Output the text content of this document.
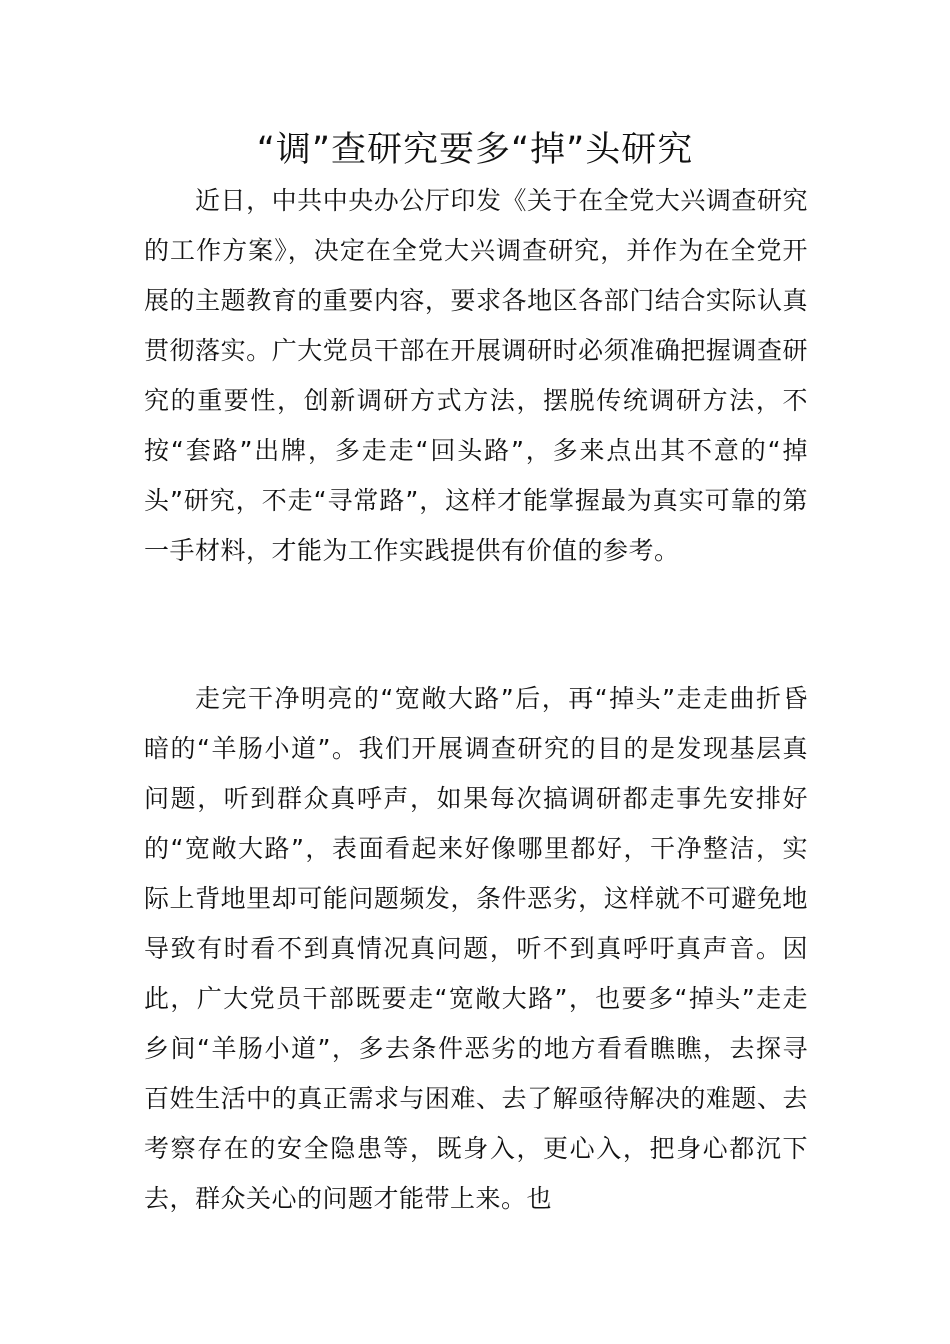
“调”查研究要多“掉”头研究

近日，中共中央办公厅印发《关于在全党大兴调查研究的工作方案》，决定在全党大兴调查研究，并作为在全党开展的主题教育的重要内容，要求各地区各部门结合实际认真贯彻落实。广大党员干部在开展调研时必须准确把握调查研究的重要性，创新调研方式方法，摆脱传统调研方法，不按“套路”出牌，多走走“回头路”，多来点出其不意的“掉头”研究，不走“寻常路”，这样才能掌握最为真实可靠的第一手材料，才能为工作实践提供有价值的参考。

走完干净明亮的“宽敞大路”后，再“掉头”走走曲折昏暗的“羊肠小道”。我们开展调查研究的目的是发现基层真问题，听到群众真呼声，如果每次搞调研都走事先安排好的“宽敞大路”，表面看起来好像哪里都好，干净整洁，实际上背地里却可能问题频发，条件恶劣，这样就不可避免地导致有时看不到真情况真问题，听不到真呼吁真声音。因此，广大党员干部既要走“宽敞大路”，也要多“掉头”走走乡间“羊肠小道”，多去条件恶劣的地方看看瞧瞧，去探寻百姓生活中的真正需求与困难、去了解亟待解决的难题、去考察存在的安全隐患等，既身入，更心入，把身心都沉下去，群众关心的问题才能带上来。也
